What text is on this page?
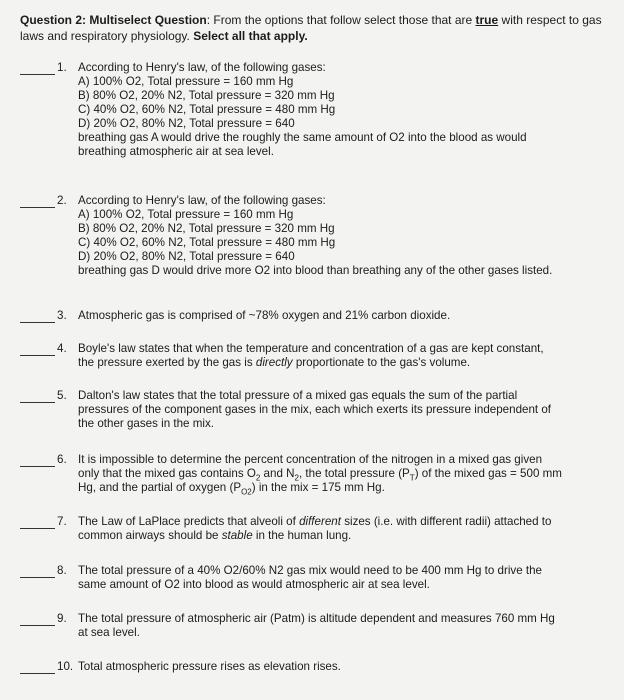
Question 2: Multiselect Question: From the options that follow select those that are true with respect to gas laws and respiratory physiology. Select all that apply.
1. According to Henry's law, of the following gases:
A) 100% O2, Total pressure = 160 mm Hg
B) 80% O2, 20% N2, Total pressure = 320 mm Hg
C) 40% O2, 60% N2, Total pressure = 480 mm Hg
D) 20% O2, 80% N2, Total pressure = 640
breathing gas A would drive the roughly the same amount of O2 into the blood as would
breathing atmospheric air at sea level.
2. According to Henry's law, of the following gases:
A) 100% O2, Total pressure = 160 mm Hg
B) 80% O2, 20% N2, Total pressure = 320 mm Hg
C) 40% O2, 60% N2, Total pressure = 480 mm Hg
D) 20% O2, 80% N2, Total pressure = 640
breathing gas D would drive more O2 into blood than breathing any of the other gases listed.
3. Atmospheric gas is comprised of ~78% oxygen and 21% carbon dioxide.
4. Boyle's law states that when the temperature and concentration of a gas are kept constant,
the pressure exerted by the gas is directly proportionate to the gas's volume.
5. Dalton's law states that the total pressure of a mixed gas equals the sum of the partial
pressures of the component gases in the mix, each which exerts its pressure independent of
the other gases in the mix.
6. It is impossible to determine the percent concentration of the nitrogen in a mixed gas given
only that the mixed gas contains $O_2$ and $N_2$, the total pressure $(P_T)$ of the mixed gas = 500 mm
Hg, and the partial of oxygen $(P_{O2})$ in the mix = 175 mm Hg.
7. The Law of LaPlace predicts that alveoli of different sizes (i.e. with different radii) attached to
common airways should be stable in the human lung.
8. The total pressure of a 40% O2/60% N2 gas mix would need to be 400 mm Hg to drive the
same amount of O2 into blood as would atmospheric air at sea level.
9. The total pressure of atmospheric air (Patm) is altitude dependent and measures 760 mm Hg
at sea level.
10. Total atmospheric pressure rises as elevation rises.
